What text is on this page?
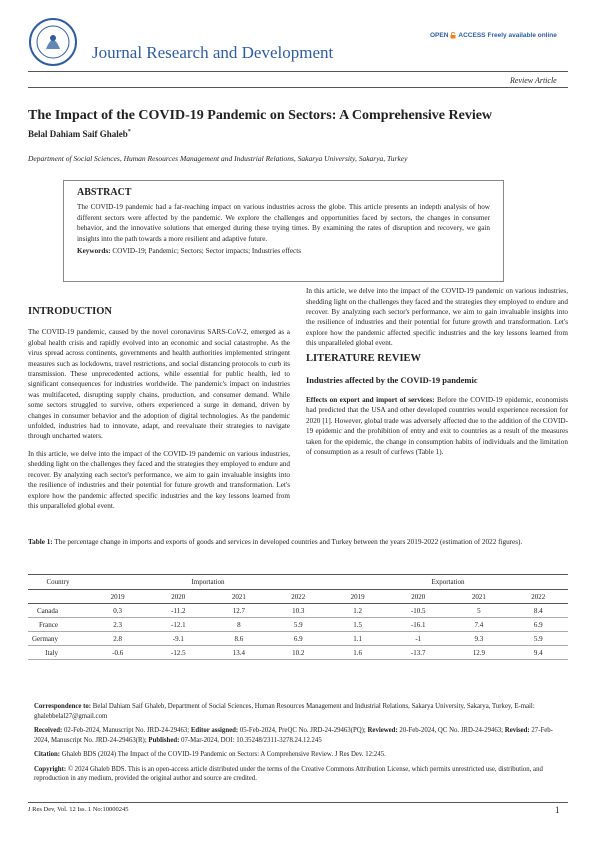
Journal Research and Development
OPEN ACCESS Freely available online
Review Article
The Impact of the COVID-19 Pandemic on Sectors: A Comprehensive Review
Belal Dahiam Saif Ghaleb*
Department of Social Sciences, Human Resources Management and Industrial Relations, Sakarya University, Sakarya, Turkey
ABSTRACT

The COVID-19 pandemic had a far-reaching impact on various industries across the globe. This article presents an indepth analysis of how different sectors were affected by the pandemic. We explore the challenges and opportunities faced by sectors, the changes in consumer behavior, and the innovative solutions that emerged during these trying times. By examining the rates of disruption and recovery, we gain insights into the path towards a more resilient and adaptive future.

Keywords: COVID-19; Pandemic; Sectors; Sector impacts; Industries effects
INTRODUCTION

The COVID-19 pandemic, caused by the novel coronavirus SARS-CoV-2, emerged as a global health crisis and rapidly evolved into an economic and social catastrophe. As the virus spread across continents, governments and health authorities implemented stringent measures such as lockdowns, travel restrictions, and social distancing protocols to curb its transmission. These unprecedented actions, while essential for public health, led to significant consequences for industries worldwide. The pandemic's impact on industries was multifaceted, disrupting supply chains, production, and consumer demand. While some sectors struggled to survive, others experienced a surge in demand, driven by changes in consumer behavior and the adoption of digital technologies. As the pandemic unfolded, industries had to innovate, adapt, and reevaluate their strategies to navigate through uncharted waters.

In this article, we delve into the impact of the COVID-19 pandemic on various industries, shedding light on the challenges they faced and the strategies they employed to endure and recover. By analyzing each sector's performance, we aim to gain invaluable insights into the resilience of industries and their potential for future growth and transformation. Let's explore how the pandemic affected specific industries and the key lessons learned from this unparalleled global event.

In this article, we delve into the impact of the COVID-19 pandemic on various industries, shedding light on the challenges they faced and the strategies they employed to endure and recover. By analyzing each sector's performance, we aim to gain invaluable insights into the resilience of industries and their potential for future growth and transformation. Let's explore how the pandemic affected specific industries and the key lessons learned from this unparalleled global event.
LITERATURE REVIEW
Industries affected by the COVID-19 pandemic

Effects on export and import of services: Before the COVID-19 epidemic, economists had predicted that the USA and other developed countries would experience recession for 2020 [1]. However, global trade was adversely affected due to the addition of the COVID-19 epidemic and the prohibition of entry and exit to countries as a result of the measures taken for the epidemic, the change in consumption habits of individuals and the limitation of consumption as a result of curfews (Table 1).

Table 1: The percentage change in imports and exports of goods and services in developed countries and Turkey between the years 2019-2022 (estimation of 2022 figures).
Country	Importation				Exportation			
	2019	2020	2021	2022	2019	2020	2021	2022
Canada	0.3	-11.2	12.7	10.3	1.2	-10.5	5	8.4
France	2.3	-12.1	8	5.9	1.5	-16.1	7.4	6.9
Germany	2.8	-9.1	8.6	6.9	1.1	-1	9.3	5.9
Italy	-0.6	-12.5	13.4	10.2	1.6	-13.7	12.9	9.4

Correspondence to: Belal Dahiam Saif Ghaleb, Department of Social Sciences, Human Resources Management and Industrial Relations, Sakarya University, Sakarya, Turkey, E-mail: ghalebbelal27@gmail.com

Received: 02-Feb-2024, Manuscript No. JRD-24-29463; Editor assigned: 05-Feb-2024, PreQC No. JRD-24-29463(PQ); Reviewed: 20-Feb-2024, QC No. JRD-24-29463; Revised: 27-Feb-2024, Manuscript No. JRD-24-29463(R); Published: 07-Mar-2024, DOI: 10.35248/2311-3278.24.12.245

Citation: Ghaleb BDS (2024) The Impact of the COVID-19 Pandemic on Sectors: A Comprehensive Review. J Res Dev. 12:245.

Copyright: © 2024 Ghaleb BDS. This is an open-access article distributed under the terms of the Creative Commons Attribution License, which permits unrestricted use, distribution, and reproduction in any medium, provided the original author and source are credited.

J Res Dev, Vol. 12 Iss. 1 No:10000245	1
